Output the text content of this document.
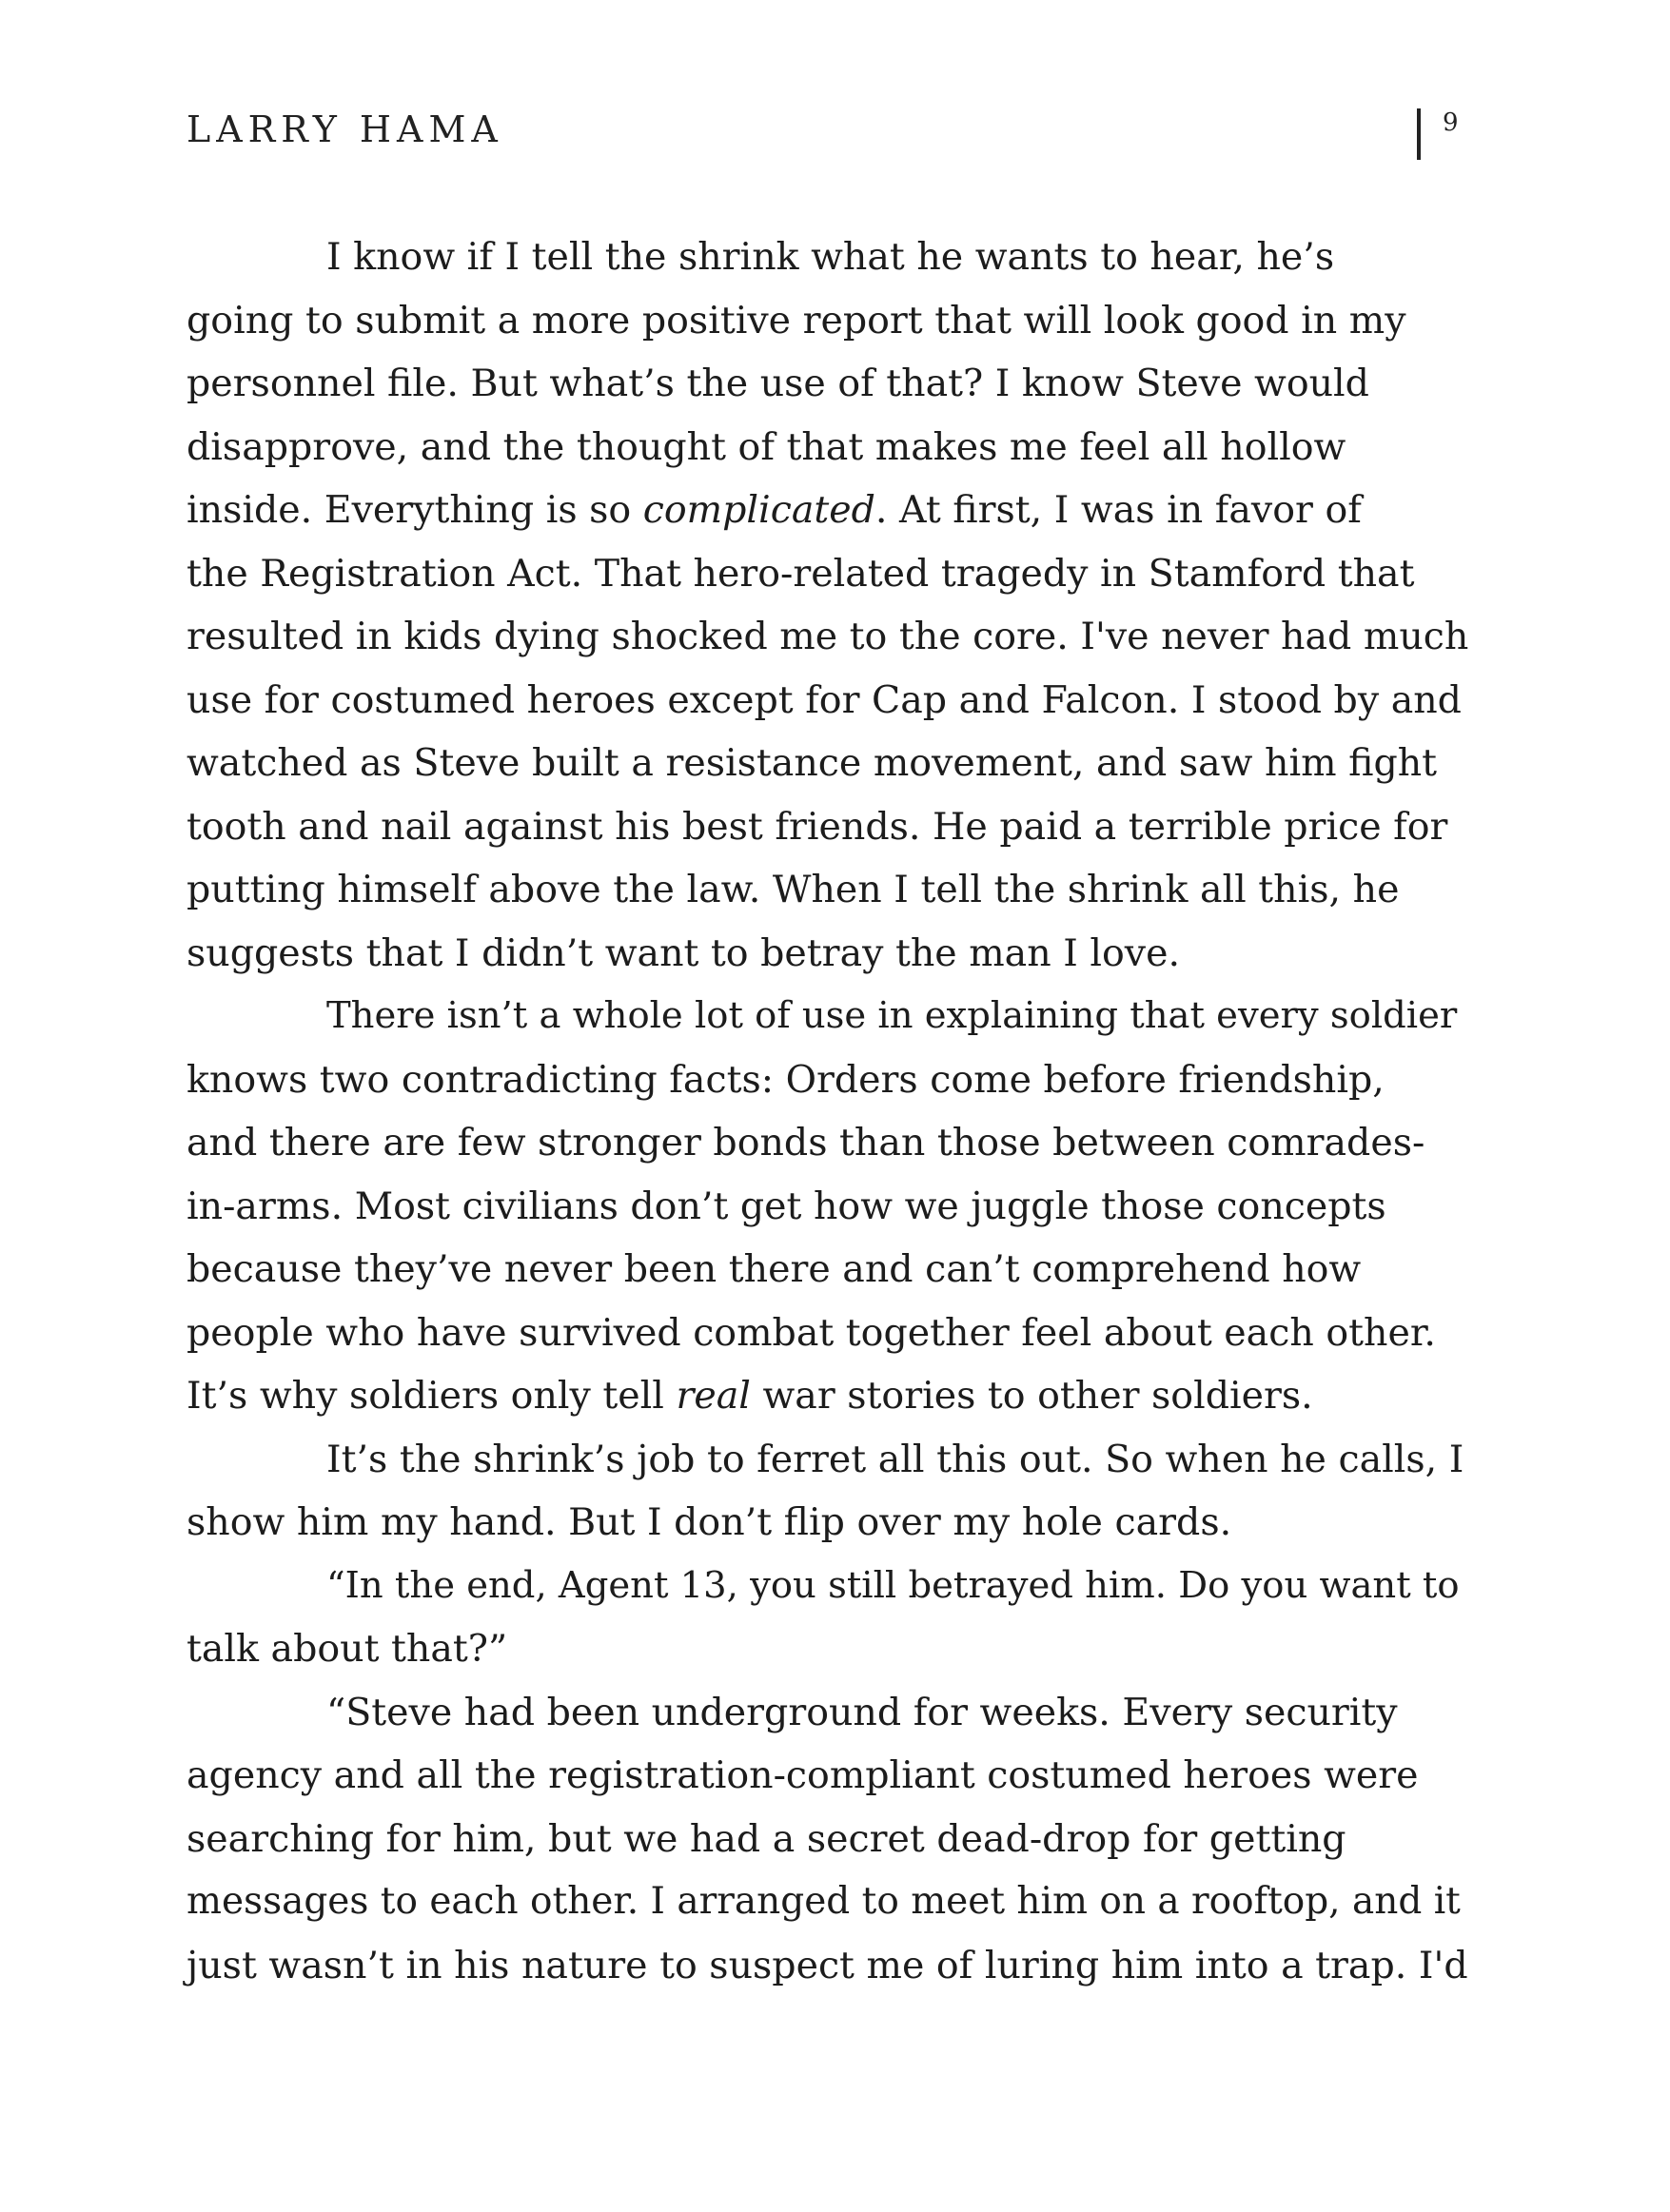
LARRY HAMA	9
I know if I tell the shrink what he wants to hear, he’s
going to submit a more positive report that will look good in my
personnel file. But what’s the use of that? I know Steve would
disapprove, and the thought of that makes me feel all hollow
inside. Everything is so complicated. At first, I was in favor of
the Registration Act. That hero-related tragedy in Stamford that
resulted in kids dying shocked me to the core. I've never had much
use for costumed heroes except for Cap and Falcon. I stood by and
watched as Steve built a resistance movement, and saw him fight
tooth and nail against his best friends. He paid a terrible price for
putting himself above the law. When I tell the shrink all this, he
suggests that I didn’t want to betray the man I love.
There isn’t a whole lot of use in explaining that every soldier
knows two contradicting facts: Orders come before friendship,
and there are few stronger bonds than those between comrades-
in-arms. Most civilians don’t get how we juggle those concepts
because they’ve never been there and can’t comprehend how
people who have survived combat together feel about each other.
It’s why soldiers only tell real war stories to other soldiers.
It’s the shrink’s job to ferret all this out. So when he calls, I
show him my hand. But I don’t flip over my hole cards.
“In the end, Agent 13, you still betrayed him. Do you want to
talk about that?”
“Steve had been underground for weeks. Every security
agency and all the registration-compliant costumed heroes were
searching for him, but we had a secret dead-drop for getting
messages to each other. I arranged to meet him on a rooftop, and it
just wasn’t in his nature to suspect me of luring him into a trap. I'd
